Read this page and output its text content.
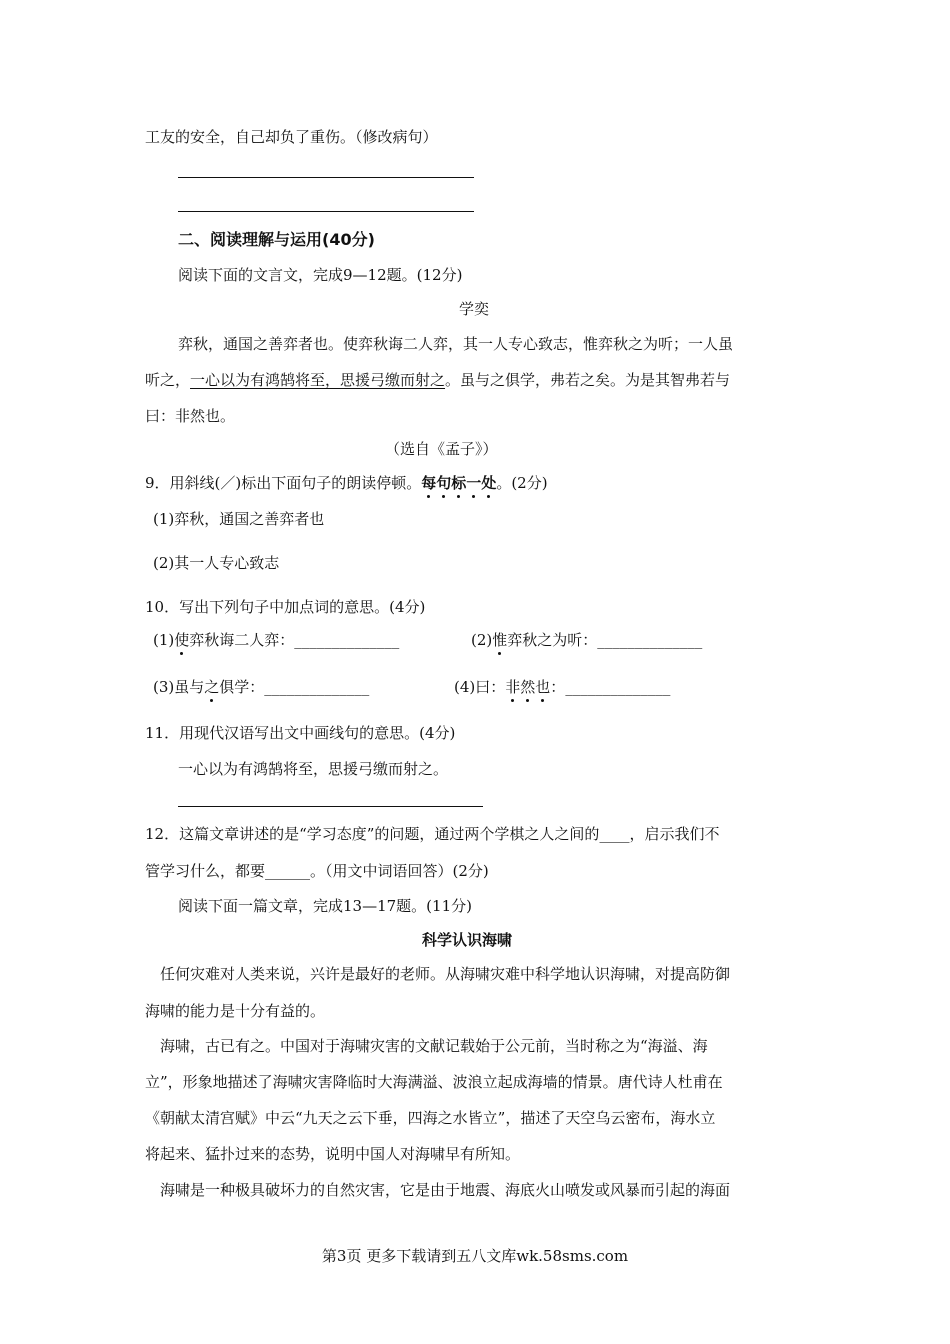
工友的安全，自己却负了重伤。（修改病句）
二、阅读理解与运用(40分)
阅读下面的文言文，完成9—12题。(12分)
学奕
弈秋，通国之善弈者也。使弈秋诲二人弈，其一人专心致志，惟弈秋之为听；一人虽
听之，一心以为有鸿鹄将至，思援弓缴而射之。虽与之俱学，弗若之矣。为是其智弗若与
曰：非然也。
（选自《孟子》）
9．用斜线(／)标出下面句子的朗读停顿。每句标一处。(2分)
(1)弈秋，通国之善弈者也
(2)其一人专心致志
10．写出下列句子中加点词的意思。(4分)
(1)使弈秋诲二人弈：______________	(2)惟弈秋之为听：______________
(3)虽与之俱学：______________	(4)曰：非然也：______________
11．用现代汉语写出文中画线句的意思。(4分)
一心以为有鸿鹄将至，思援弓缴而射之。
12．这篇文章讲述的是“学习态度”的问题，通过两个学棋之人之间的____，启示我们不
管学习什么，都要______。（用文中词语回答）(2分)
阅读下面一篇文章，完成13—17题。(11分)
科学认识海啸
任何灾难对人类来说，兴许是最好的老师。从海啸灾难中科学地认识海啸，对提高防御
海啸的能力是十分有益的。
海啸，古已有之。中国对于海啸灾害的文献记载始于公元前，当时称之为“海溢、海
立”，形象地描述了海啸灾害降临时大海满溢、波浪立起成海墙的情景。唐代诗人杜甫在
《朝献太清宫赋》中云“九天之云下垂，四海之水皆立”，描述了天空乌云密布，海水立
将起来、猛扑过来的态势，说明中国人对海啸早有所知。
海啸是一种极具破坏力的自然灾害，它是由于地震、海底火山喷发或风暴而引起的海面
第3页 更多下载请到五八文库wk.58sms.com
